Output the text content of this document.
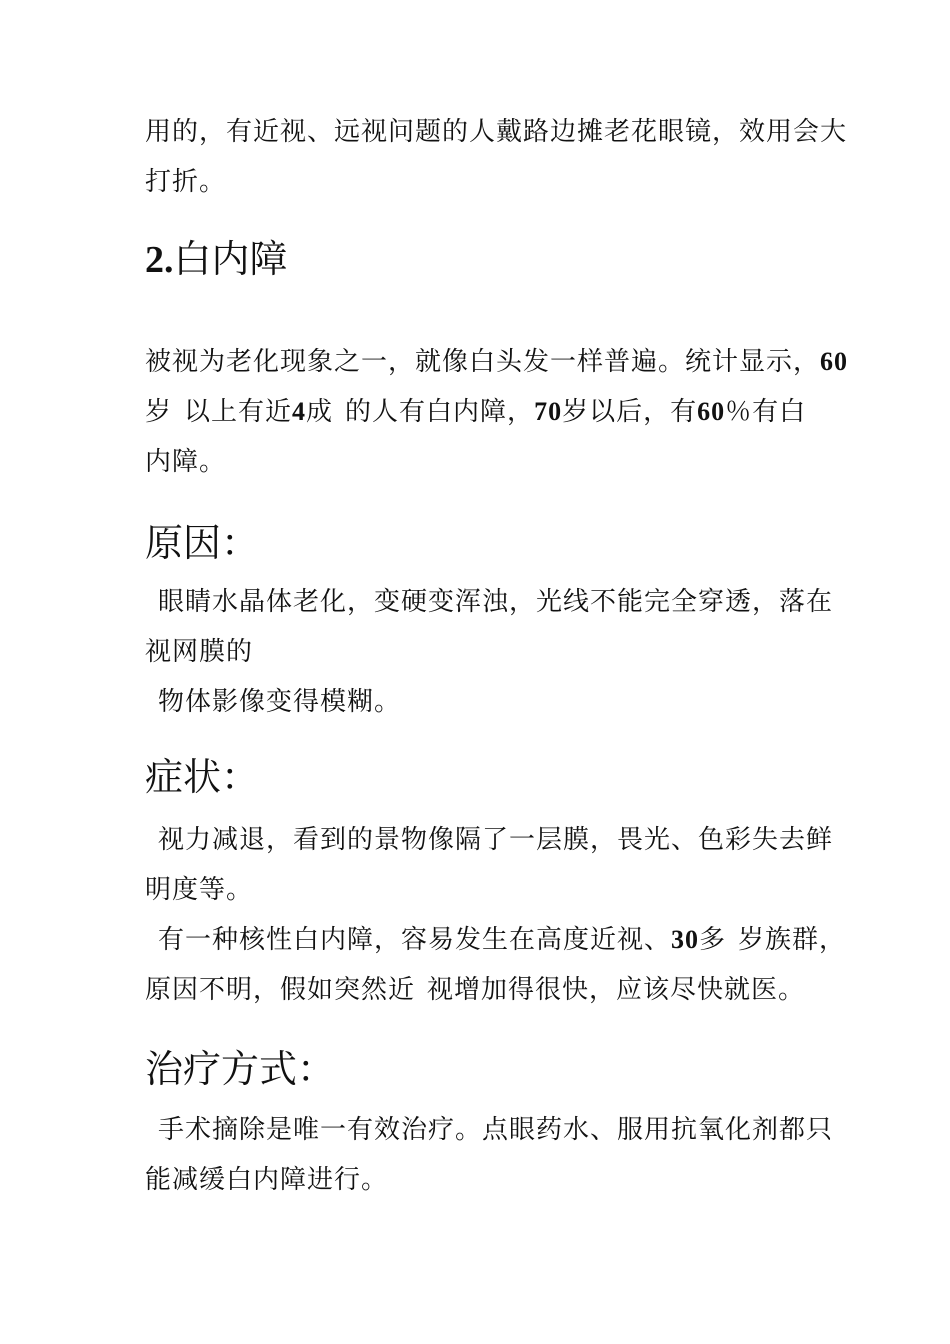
用的，有近视、远视问题的人戴路边摊老花眼镜，效用会大
打折。
2.白内障
被视为老化现象之一，就像白头发一样普遍。统计显示，60
岁 以上有近4成 的人有白内障，70岁以后，有60％有白
内障。
原因：
眼睛水晶体老化，变硬变浑浊，光线不能完全穿透，落在
视网膜的
物体影像变得模糊。
症状：
视力减退，看到的景物像隔了一层膜，畏光、色彩失去鲜
明度等。
有一种核性白内障，容易发生在高度近视、30多 岁族群，
原因不明，假如突然近 视增加得很快，应该尽快就医。
治疗方式：
手术摘除是唯一有效治疗。点眼药水、服用抗氧化剂都只
能减缓白内障进行。
